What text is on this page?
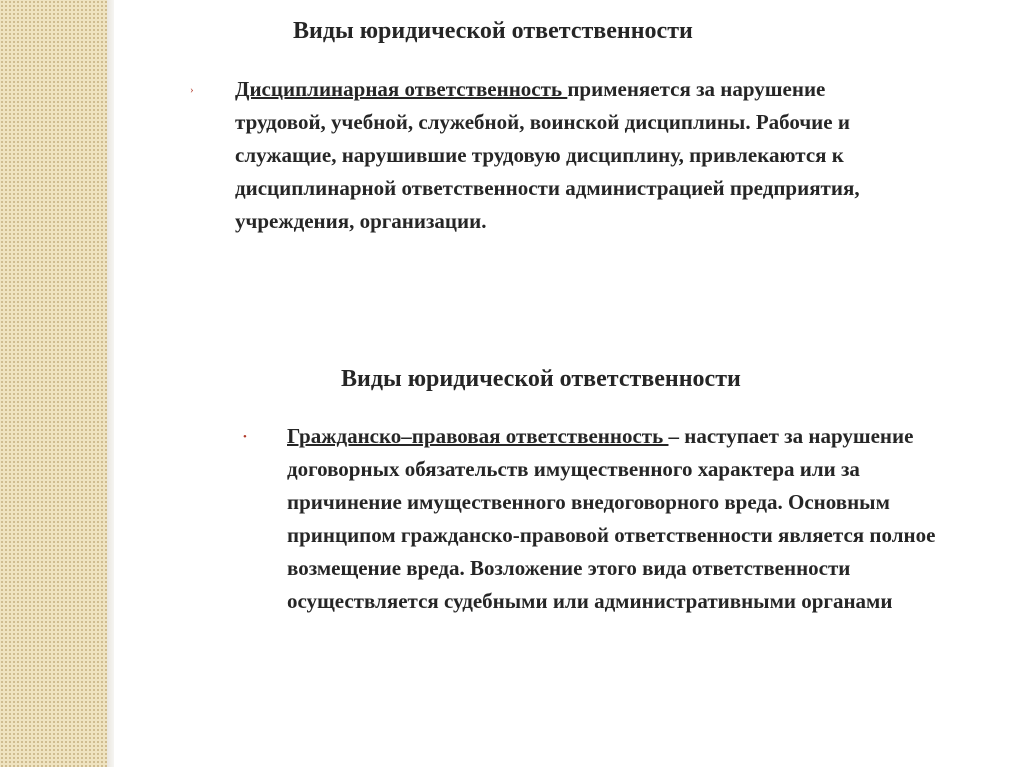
Виды юридической ответственности
› Дисциплинарная ответственность применяется за нарушение трудовой, учебной, служебной, воинской дисциплины. Рабочие и служащие, нарушившие трудовую дисциплину, привлекаются к дисциплинарной ответственности администрацией предприятия, учреждения, организации.

Виды юридической ответственности
• Гражданско–правовая ответственность – наступает за нарушение договорных обязательств имущественного характера или за причинение имущественного внедоговорного вреда. Основным принципом гражданско-правовой ответственности является полное возмещение вреда. Возложение этого вида ответственности осуществляется судебными или административными органами
